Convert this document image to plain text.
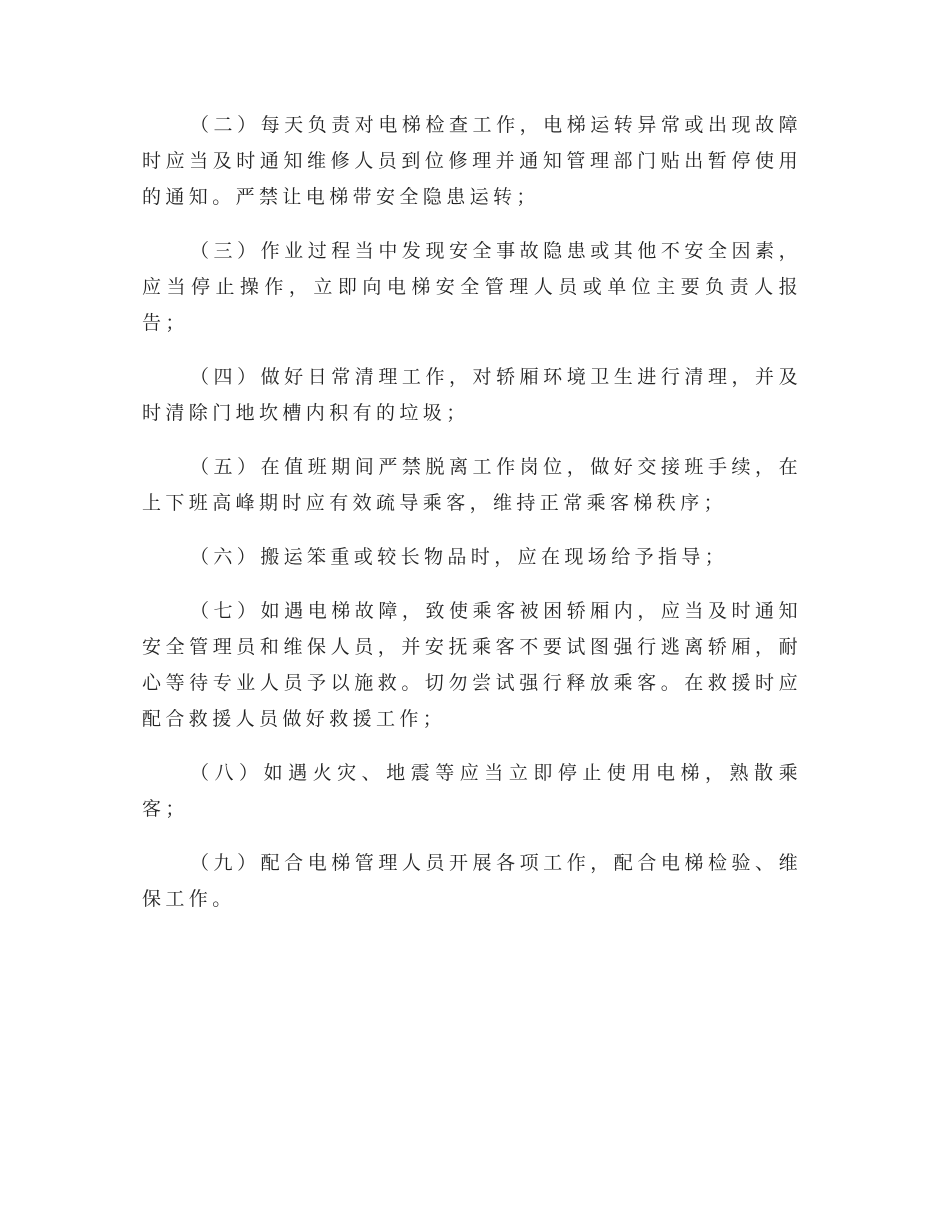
（二）每天负责对电梯检查工作，电梯运转异常或出现故障时应当及时通知维修人员到位修理并通知管理部门贴出暂停使用的通知。严禁让电梯带安全隐患运转；

（三）作业过程当中发现安全事故隐患或其他不安全因素，应当停止操作，立即向电梯安全管理人员或单位主要负责人报告；

（四）做好日常清理工作，对轿厢环境卫生进行清理，并及时清除门地坎槽内积有的垃圾；

（五）在值班期间严禁脱离工作岗位，做好交接班手续，在上下班高峰期时应有效疏导乘客，维持正常乘客梯秩序；

（六）搬运笨重或较长物品时，应在现场给予指导；

（七）如遇电梯故障，致使乘客被困轿厢内，应当及时通知安全管理员和维保人员，并安抚乘客不要试图强行逃离轿厢，耐心等待专业人员予以施救。切勿尝试强行释放乘客。在救援时应配合救援人员做好救援工作；

（八）如遇火灾、地震等应当立即停止使用电梯，熟散乘客；

（九）配合电梯管理人员开展各项工作，配合电梯检验、维保工作。
